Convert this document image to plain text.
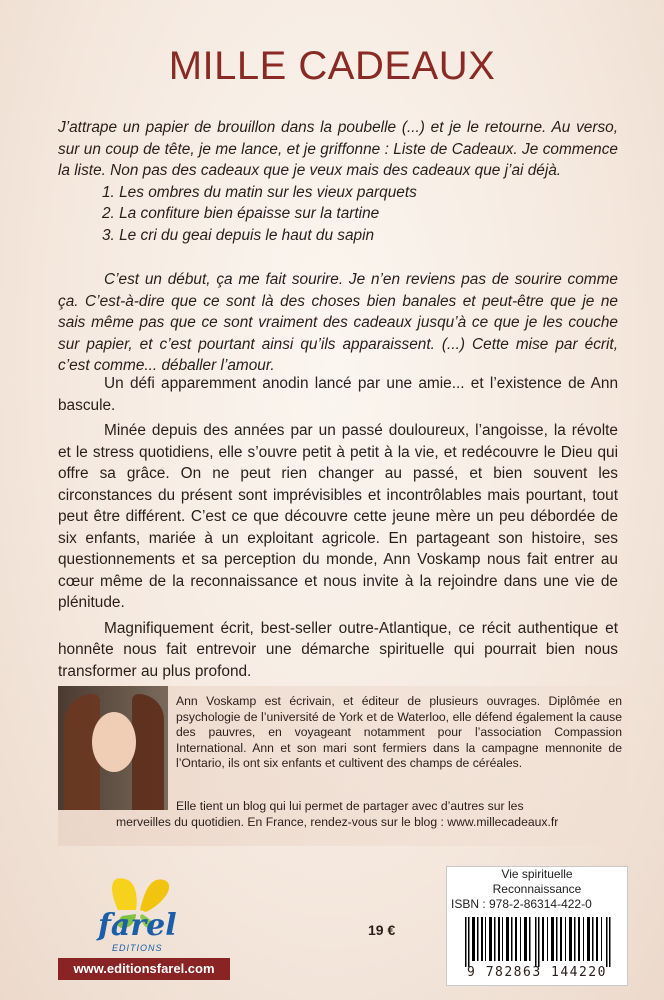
MILLE CADEAUX

J’attrape un papier de brouillon dans la poubelle (...) et je le retourne. Au verso, sur un coup de tête, je me lance, et je griffonne : Liste de Cadeaux. Je commence la liste. Non pas des cadeaux que je veux mais des cadeaux que j’ai déjà.

1. Les ombres du matin sur les vieux parquets
2. La confiture bien épaisse sur la tartine
3. Le cri du geai depuis le haut du sapin

C’est un début, ça me fait sourire. Je n’en reviens pas de sourire comme ça. C’est-à-dire que ce sont là des choses bien banales et peut-être que je ne sais même pas que ce sont vraiment des cadeaux jusqu’à ce que je les couche sur papier, et c’est pourtant ainsi qu’ils apparaissent. (...) Cette mise par écrit, c’est comme... déballer l’amour.

Un défi apparemment anodin lancé par une amie... et l’existence de Ann bascule.

Minée depuis des années par un passé douloureux, l’angoisse, la révolte et le stress quotidiens, elle s’ouvre petit à petit à la vie, et redécouvre le Dieu qui offre sa grâce. On ne peut rien changer au passé, et bien souvent les circonstances du présent sont imprévisibles et incontrôlables mais pourtant, tout peut être différent. C’est ce que découvre cette jeune mère un peu débordée de six enfants, mariée à un exploitant agricole. En partageant son histoire, ses questionnements et sa perception du monde, Ann Voskamp nous fait entrer au cœur même de la reconnaissance et nous invite à la rejoindre dans une vie de plénitude.

Magnifiquement écrit, best-seller outre-Atlantique, ce récit authentique et honnête nous fait entrevoir une démarche spirituelle qui pourrait bien nous transformer au plus profond.

Ann Voskamp est écrivain, et éditeur de plusieurs ouvrages. Diplômée en psychologie de l’université de York et de Waterloo, elle défend également la cause des pauvres, en voyageant notamment pour l’association Compassion International. Ann et son mari sont fermiers dans la campagne mennonite de l’Ontario, ils ont six enfants et cultivent des champs de céréales.
Elle tient un blog qui lui permet de partager avec d’autres sur les
merveilles du quotidien. En France, rendez-vous sur le blog : www.millecadeaux.fr
farel
EDITIONS
www.editionsfarel.com
19 €
Vie spirituelle
Reconnaissance
ISBN : 978-2-86314-422-0
9 782863 144220
